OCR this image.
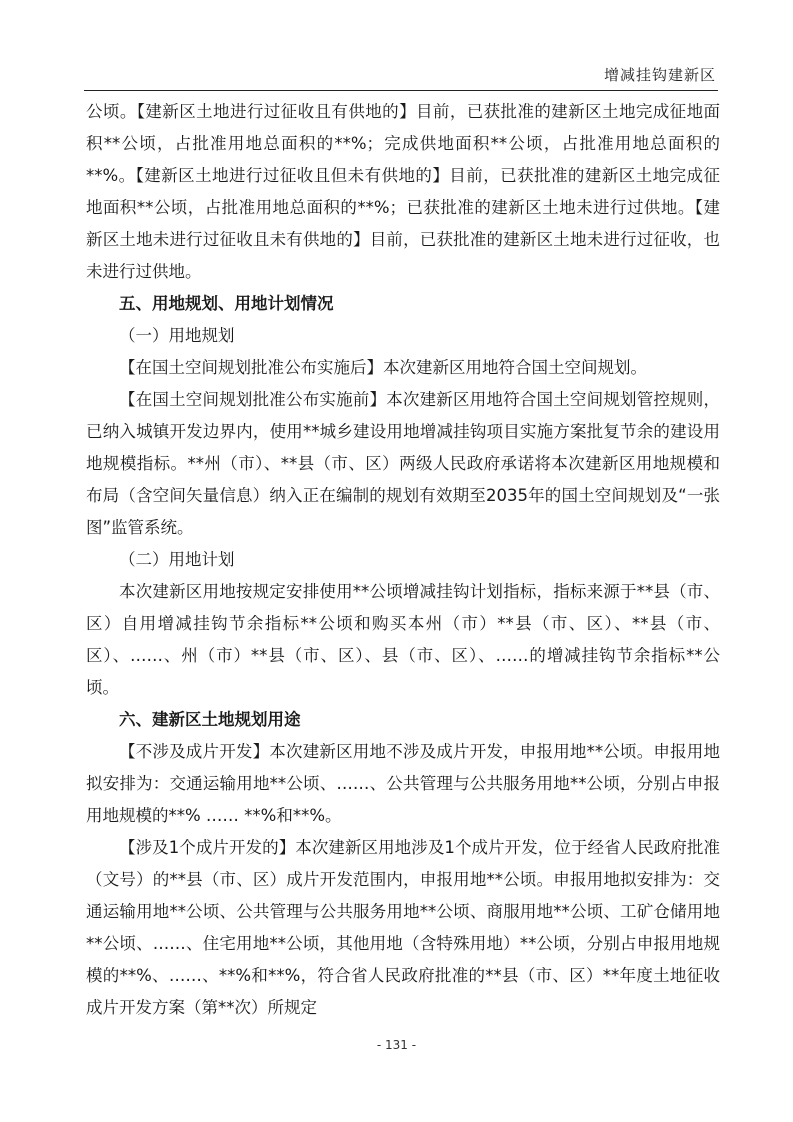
增减挂钩建新区

公顷。【建新区土地进行过征收且有供地的】目前，已获批准的建新区土地完成征地面积**公顷，占批准用地总面积的**%；完成供地面积**公顷，占批准用地总面积的**%。【建新区土地进行过征收且但未有供地的】目前，已获批准的建新区土地完成征地面积**公顷，占批准用地总面积的**%；已获批准的建新区土地未进行过供地。【建新区土地未进行过征收且未有供地的】目前，已获批准的建新区土地未进行过征收，也未进行过供地。

五、用地规划、用地计划情况

（一）用地规划

【在国土空间规划批准公布实施后】本次建新区用地符合国土空间规划。

【在国土空间规划批准公布实施前】本次建新区用地符合国土空间规划管控规则，已纳入城镇开发边界内，使用**城乡建设用地增减挂钩项目实施方案批复节余的建设用地规模指标。**州（市）、**县（市、区）两级人民政府承诺将本次建新区用地规模和布局（含空间矢量信息）纳入正在编制的规划有效期至2035年的国土空间规划及“一张图”监管系统。

（二）用地计划

本次建新区用地按规定安排使用**公顷增减挂钩计划指标，指标来源于**县（市、区）自用增减挂钩节余指标**公顷和购买本州（市）**县（市、区）、**县（市、区）、……、州（市）**县（市、区）、县（市、区）、……的增减挂钩节余指标**公顷。

六、建新区土地规划用途

【不涉及成片开发】本次建新区用地不涉及成片开发，申报用地**公顷。申报用地拟安排为：交通运输用地**公顷、……、公共管理与公共服务用地**公顷，分别占申报用地规模的**% …… **%和**%。

【涉及1个成片开发的】本次建新区用地涉及1个成片开发，位于经省人民政府批准（文号）的**县（市、区）成片开发范围内，申报用地**公顷。申报用地拟安排为：交通运输用地**公顷、公共管理与公共服务用地**公顷、商服用地**公顷、工矿仓储用地**公顷、……、住宅用地**公顷，其他用地（含特殊用地）**公顷，分别占申报用地规模的**%、……、**%和**%，符合省人民政府批准的**县（市、区）**年度土地征收成片开发方案（第**次）所规定

- 131 -
